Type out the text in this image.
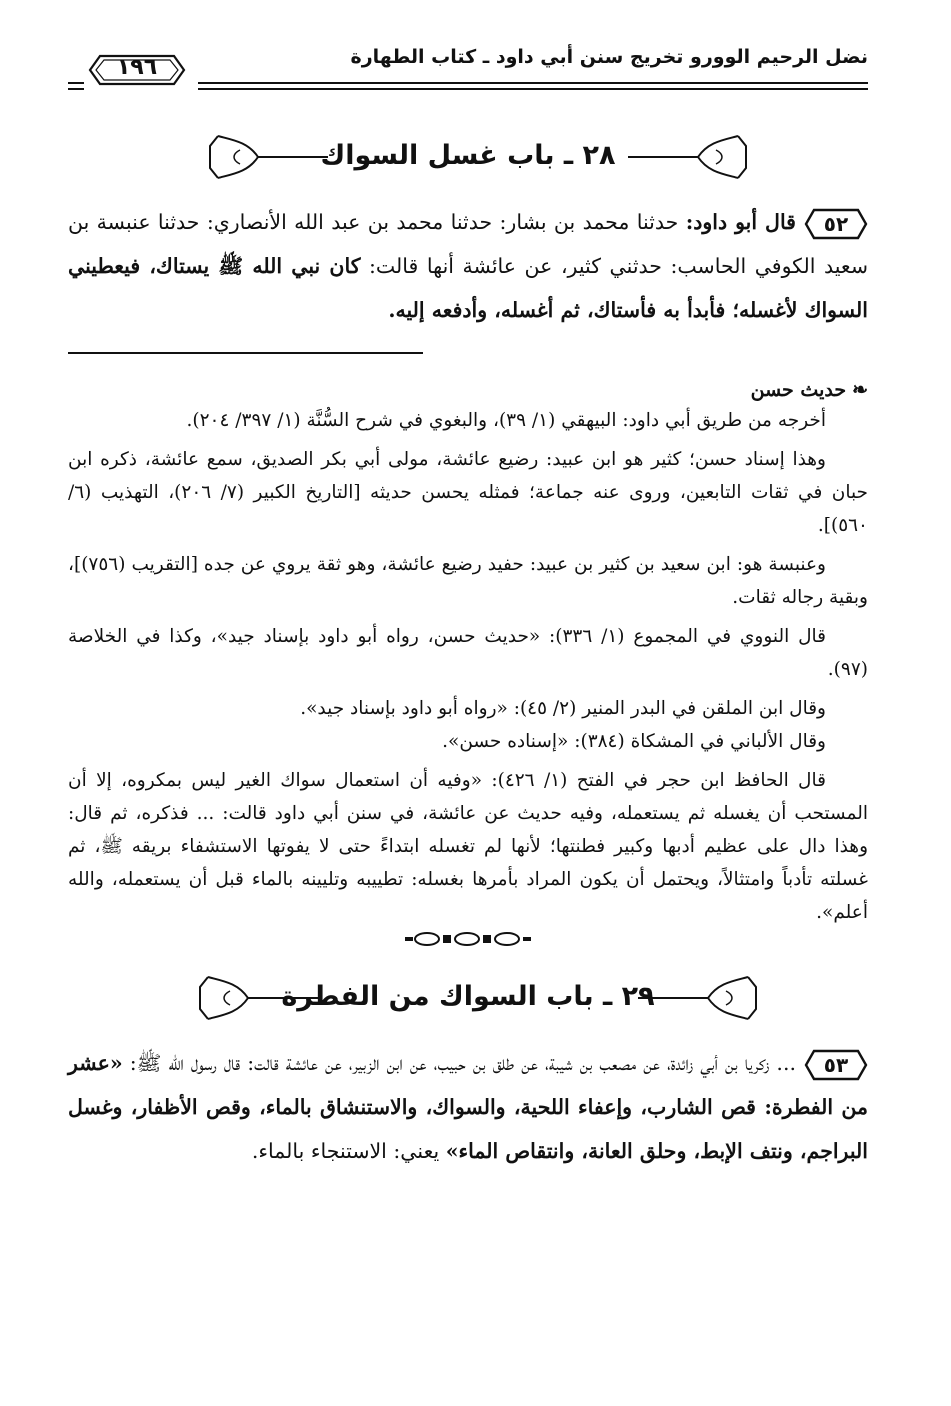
نضل الرحيم الوورو تخريج سنن أبي داود ـ كتاب الطهارة
١٩٦
٢٨ ـ باب غسل السواك
٥٢
قال أبو داود: حدثنا محمد بن بشار: حدثنا محمد بن عبد الله الأنصاري: حدثنا عنبسة بن سعيد الكوفي الحاسب: حدثني كثير، عن عائشة أنها قالت: كان نبي الله ﷺ يستاك، فيعطيني السواك لأغسله؛ فأبدأ به فأستاك، ثم أغسله، وأدفعه إليه.
❧حديث حسن
أخرجه من طريق أبي داود: البيهقي (١/ ٣٩)، والبغوي في شرح السُّنَّة (١/ ٣٩٧/ ٢٠٤).
وهذا إسناد حسن؛ كثير هو ابن عبيد: رضيع عائشة، مولى أبي بكر الصديق، سمع عائشة، ذكره ابن حبان في ثقات التابعين، وروى عنه جماعة؛ فمثله يحسن حديثه [التاريخ الكبير (٧/ ٢٠٦)، التهذيب (٦/ ٥٦٠)].
وعنبسة هو: ابن سعيد بن كثير بن عبيد: حفيد رضيع عائشة، وهو ثقة يروي عن جده [التقريب (٧٥٦)]، وبقية رجاله ثقات.
قال النووي في المجموع (١/ ٣٣٦): «حديث حسن، رواه أبو داود بإسناد جيد»، وكذا في الخلاصة (٩٧).
وقال ابن الملقن في البدر المنير (٢/ ٤٥): «رواه أبو داود بإسناد جيد».
وقال الألباني في المشكاة (٣٨٤): «إسناده حسن».
قال الحافظ ابن حجر في الفتح (١/ ٤٢٦): «وفيه أن استعمال سواك الغير ليس بمكروه، إلا أن المستحب أن يغسله ثم يستعمله، وفيه حديث عن عائشة، في سنن أبي داود قالت: ... فذكره، ثم قال: وهذا دال على عظيم أدبها وكبير فطنتها؛ لأنها لم تغسله ابتداءً حتى لا يفوتها الاستشفاء بريقه ﷺ، ثم غسلته تأدباً وامتثالاً، ويحتمل أن يكون المراد بأمرها بغسله: تطييبه وتليينه بالماء قبل أن يستعمله، والله أعلم».
٢٩ ـ باب السواك من الفطرة
٥٣
... زكريا بن أبي زائدة، عن مصعب بن شيبة، عن طلق بن حبيب، عن ابن الزبير، عن عائشة قالت: قال رسول الله ﷺ: «عشر من الفطرة: قص الشارب، وإعفاء اللحية، والسواك، والاستنشاق بالماء، وقص الأظفار، وغسل البراجم، ونتف الإبط، وحلق العانة، وانتقاص الماء» يعني: الاستنجاء بالماء.
